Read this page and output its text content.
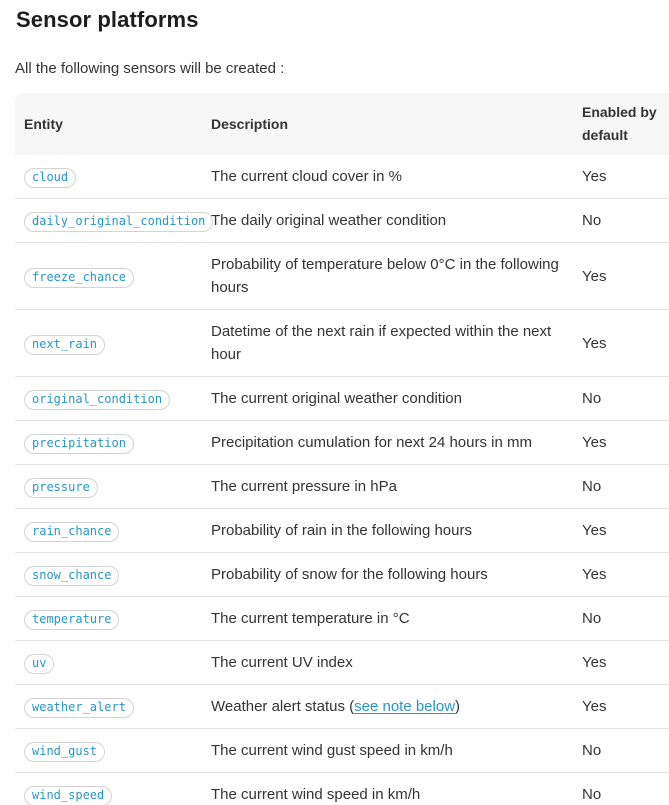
Sensor platforms

All the following sensors will be created :

Entity	Description	Enabled by default
cloud	The current cloud cover in %	Yes
daily_original_condition	The daily original weather condition	No
freeze_chance	Probability of temperature below 0°C in the following hours	Yes
next_rain	Datetime of the next rain if expected within the next hour	Yes
original_condition	The current original weather condition	No
precipitation	Precipitation cumulation for next 24 hours in mm	Yes
pressure	The current pressure in hPa	No
rain_chance	Probability of rain in the following hours	Yes
snow_chance	Probability of snow for the following hours	Yes
temperature	The current temperature in °C	No
uv	The current UV index	Yes
weather_alert	Weather alert status (see note below)	Yes
wind_gust	The current wind gust speed in km/h	No
wind_speed	The current wind speed in km/h	No
